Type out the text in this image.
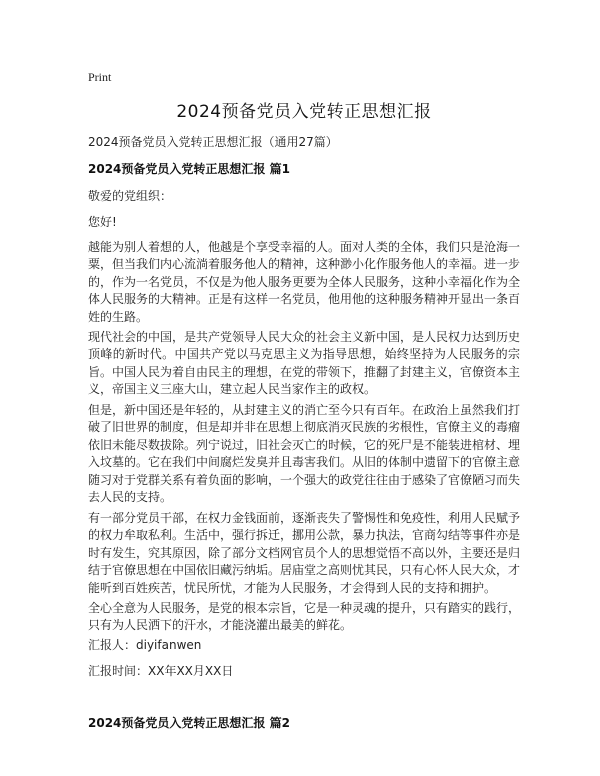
Print
2024预备党员入党转正思想汇报
2024预备党员入党转正思想汇报（通用27篇）
2024预备党员入党转正思想汇报 篇1
敬爱的党组织：
您好!
越能为别人着想的人，他越是个享受幸福的人。面对人类的全体，我们只是沧海一粟，但当我们内心流淌着服务他人的精神，这种渺小化作服务他人的幸福。进一步的，作为一名党员，不仅是为他人服务更要为全体人民服务，这种小幸福化作为全体人民服务的大精神。正是有这样一名党员，他用他的这种服务精神开显出一条百姓的生路。
现代社会的中国，是共产党领导人民大众的社会主义新中国，是人民权力达到历史顶峰的新时代。中国共产党以马克思主义为指导思想，始终坚持为人民服务的宗旨。中国人民为着自由民主的理想，在党的带领下，推翻了封建主义，官僚资本主义，帝国主义三座大山，建立起人民当家作主的政权。
但是，新中国还是年轻的，从封建主义的消亡至今只有百年。在政治上虽然我们打破了旧世界的制度，但是却并非在思想上彻底消灭民族的劣根性，官僚主义的毒瘤依旧未能尽数拔除。列宁说过，旧社会灭亡的时候，它的死尸是不能装进棺材、埋入坟墓的。它在我们中间腐烂发臭并且毒害我们。从旧的体制中遗留下的官僚主意随习对于党群关系有着负面的影响，一个强大的政党往往由于感染了官僚陋习而失去人民的支持。
有一部分党员干部，在权力金钱面前，逐渐丧失了警惕性和免疫性，利用人民赋予的权力牟取私利。生活中，强行拆迁，挪用公款，暴力执法，官商勾结等事件亦是时有发生，究其原因，除了部分文档网官员个人的思想觉悟不高以外，主要还是归结于官僚思想在中国依旧藏污纳垢。居庙堂之高则忧其民，只有心怀人民大众，才能听到百姓疾苦，忧民所忧，才能为人民服务，才会得到人民的支持和拥护。
全心全意为人民服务，是党的根本宗旨，它是一种灵魂的提升，只有踏实的践行，只有为人民洒下的汗水，才能浇灌出最美的鲜花。
汇报人：diyifanwen
汇报时间：XX年XX月XX日
2024预备党员入党转正思想汇报 篇2
